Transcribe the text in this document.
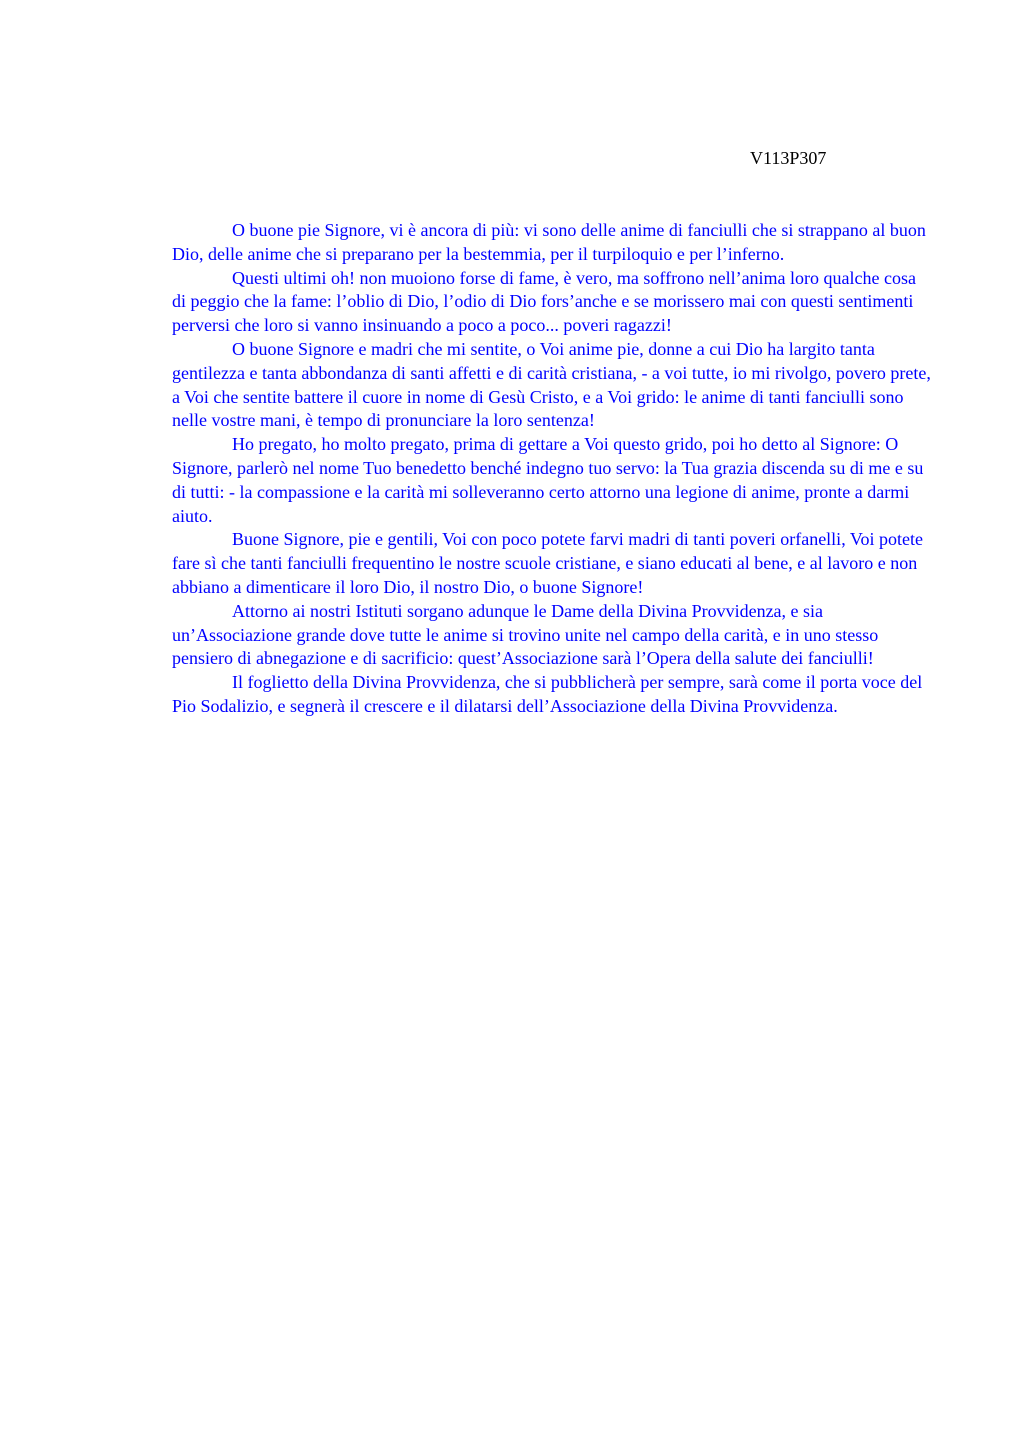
V113P307

O buone pie Signore, vi è ancora di più: vi sono delle anime di fanciulli che si strappano al buon Dio, delle anime che si preparano per la bestemmia, per il turpiloquio e per l’inferno.

Questi ultimi oh! non muoiono forse di fame, è vero, ma soffrono nell’anima loro qualche cosa di peggio che la fame: l’oblio di Dio, l’odio di Dio fors’anche e se morissero mai con questi sentimenti perversi che loro si vanno insinuando a poco a poco... poveri ragazzi!

O buone Signore e madri che mi sentite, o Voi anime pie, donne a cui Dio ha largito tanta gentilezza e tanta abbondanza di santi affetti e di carità cristiana, - a voi tutte, io mi rivolgo, povero prete, a Voi che sentite battere il cuore in nome di Gesù Cristo, e a Voi grido: le anime di tanti fanciulli sono nelle vostre mani, è tempo di pronunciare la loro sentenza!

Ho pregato, ho molto pregato, prima di gettare a Voi questo grido, poi ho detto al Signore: O Signore, parlerò nel nome Tuo benedetto benché indegno tuo servo: la Tua grazia discenda su di me e su di tutti: - la compassione e la carità mi solleveranno certo attorno una legione di anime, pronte a darmi aiuto.

Buone Signore, pie e gentili, Voi con poco potete farvi madri di tanti poveri orfanelli, Voi potete fare sì che tanti fanciulli frequentino le nostre scuole cristiane, e siano educati al bene, e al lavoro e non abbiano a dimenticare il loro Dio, il nostro Dio, o buone Signore!

Attorno ai nostri Istituti sorgano adunque le Dame della Divina Provvidenza, e sia un’Associazione grande dove tutte le anime si trovino unite nel campo della carità, e in uno stesso pensiero di abnegazione e di sacrificio: quest’Associazione sarà l’Opera della salute dei fanciulli!

Il foglietto della Divina Provvidenza, che si pubblicherà per sempre, sarà come il porta voce del Pio Sodalizio, e segnerà il crescere e il dilatarsi dell’Associazione della Divina Provvidenza.
